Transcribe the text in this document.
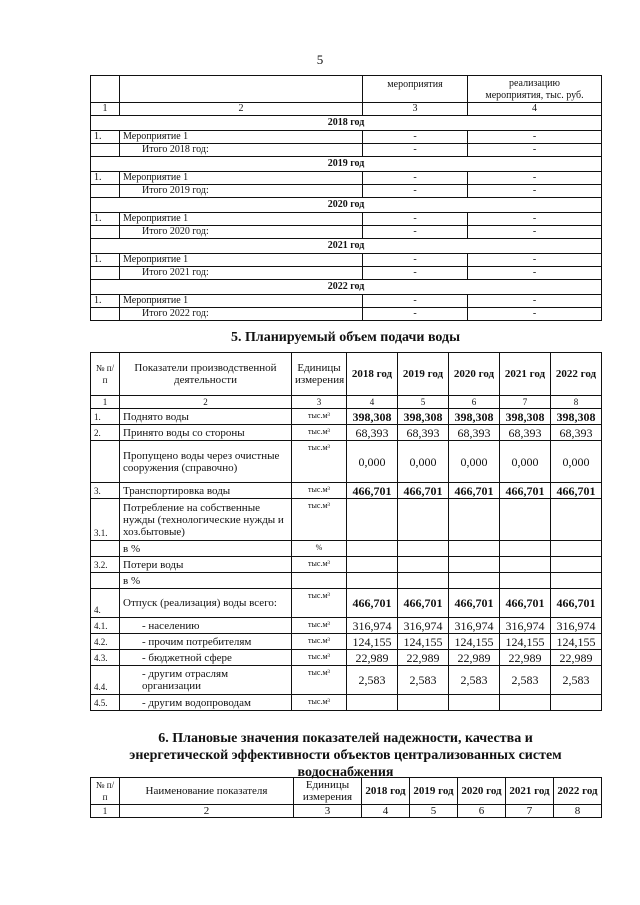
5
		мероприятия	реализацию
мероприятия, тыс. руб.
1	2	3	4
2018 год			
1.	Мероприятие 1	-	-
	Итого 2018 год:	-	-
2019 год			
1.	Мероприятие 1	-	-
	Итого 2019 год:	-	-
2020 год			
1.	Мероприятие 1	-	-
	Итого 2020 год:	-	-
2021 год			
1.	Мероприятие 1	-	-
	Итого 2021 год:	-	-
2022 год			
1.	Мероприятие 1	-	-
	Итого 2022 год:	-	-
5. Планируемый объем подачи воды
№ п/п	Показатели производственной деятельности	Единицы измерения	2018 год	2019 год	2020 год	2021 год	2022 год
1	2	3	4	5	6	7	8
1.	Поднято воды	тыс.м³	398,308	398,308	398,308	398,308	398,308
2.	Принято воды со стороны	тыс.м³	68,393	68,393	68,393	68,393	68,393
	Пропущено воды через очистные сооружения (справочно)	тыс.м³	0,000	0,000	0,000	0,000	0,000
3.	Транспортировка воды	тыс.м³	466,701	466,701	466,701	466,701	466,701
3.1.	Потребление на собственные нужды (технологические нужды и хоз.бытовые)	тыс.м³					
	в %	%					
3.2.	Потери воды	тыс.м³					
	в %						
4.	Отпуск (реализация) воды всего:	тыс.м³	466,701	466,701	466,701	466,701	466,701
4.1.	- населению	тыс.м³	316,974	316,974	316,974	316,974	316,974
4.2.	- прочим потребителям	тыс.м³	124,155	124,155	124,155	124,155	124,155
4.3.	- бюджетной сфере	тыс.м³	22,989	22,989	22,989	22,989	22,989
4.4.	- другим отраслям организации	тыс.м³	2,583	2,583	2,583	2,583	2,583
4.5.	- другим водопроводам	тыс.м³					
6. Плановые значения показателей надежности, качества и
энергетической эффективности объектов централизованных систем
водоснабжения
№ п/п	Наименование показателя	Единицы измерения	2018 год	2019 год	2020 год	2021 год	2022 год
1	2	3	4	5	6	7	8
